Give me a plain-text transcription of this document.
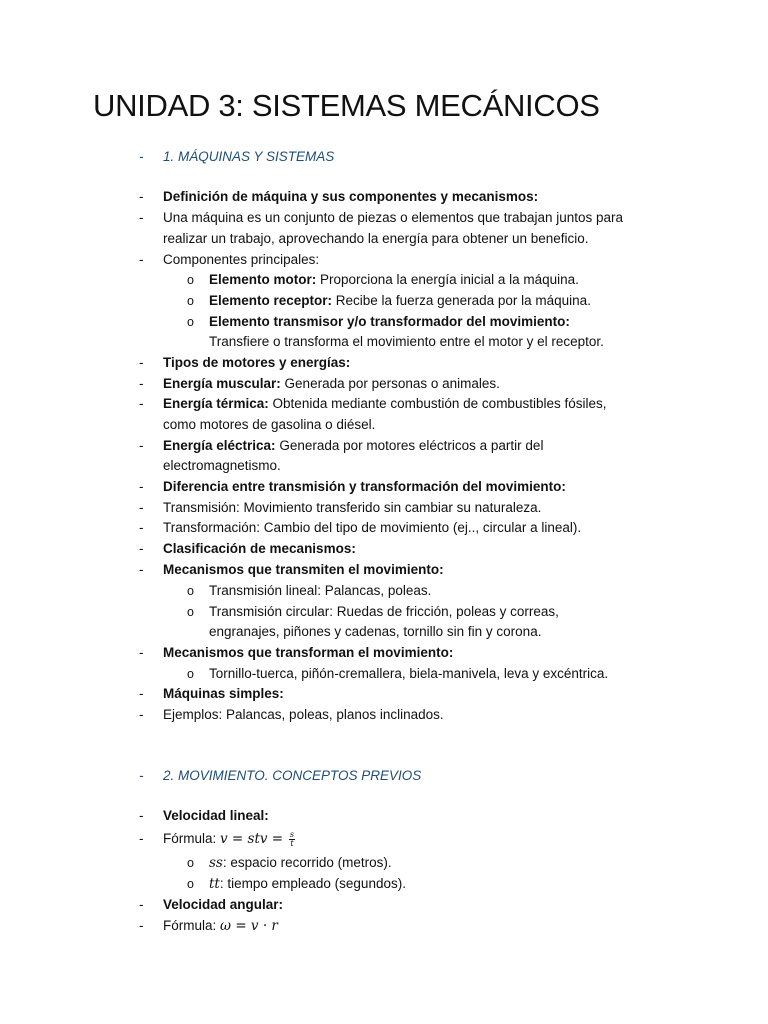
UNIDAD 3: SISTEMAS MECÁNICOS
- 1. MÁQUINAS Y SISTEMAS
- Definición de máquina y sus componentes y mecanismos:
- Una máquina es un conjunto de piezas o elementos que trabajan juntos para
realizar un trabajo, aprovechando la energía para obtener un beneficio.
- Componentes principales:
o Elemento motor: Proporciona la energía inicial a la máquina.
o Elemento receptor: Recibe la fuerza generada por la máquina.
o Elemento transmisor y/o transformador del movimiento:
Transfiere o transforma el movimiento entre el motor y el receptor.
- Tipos de motores y energías:
- Energía muscular: Generada por personas o animales.
- Energía térmica: Obtenida mediante combustión de combustibles fósiles,
como motores de gasolina o diésel.
- Energía eléctrica: Generada por motores eléctricos a partir del
electromagnetismo.
- Diferencia entre transmisión y transformación del movimiento:
- Transmisión: Movimiento transferido sin cambiar su naturaleza.
- Transformación: Cambio del tipo de movimiento (ej.., circular a lineal).
- Clasificación de mecanismos:
- Mecanismos que transmiten el movimiento:
o Transmisión lineal: Palancas, poleas.
o Transmisión circular: Ruedas de fricción, poleas y correas,
engranajes, piñones y cadenas, tornillo sin fin y corona.
- Mecanismos que transforman el movimiento:
o Tornillo-tuerca, piñón-cremallera, biela-manivela, leva y excéntrica.
- Máquinas simples:
- Ejemplos: Palancas, poleas, planos inclinados.
- 2. MOVIMIENTO. CONCEPTOS PREVIOS
- Velocidad lineal:
- Fórmula: v = stv = $\frac{s}{t}$
o ss: espacio recorrido (metros).
o tt: tiempo empleado (segundos).
- Velocidad angular:
- Fórmula: ω = v · r
